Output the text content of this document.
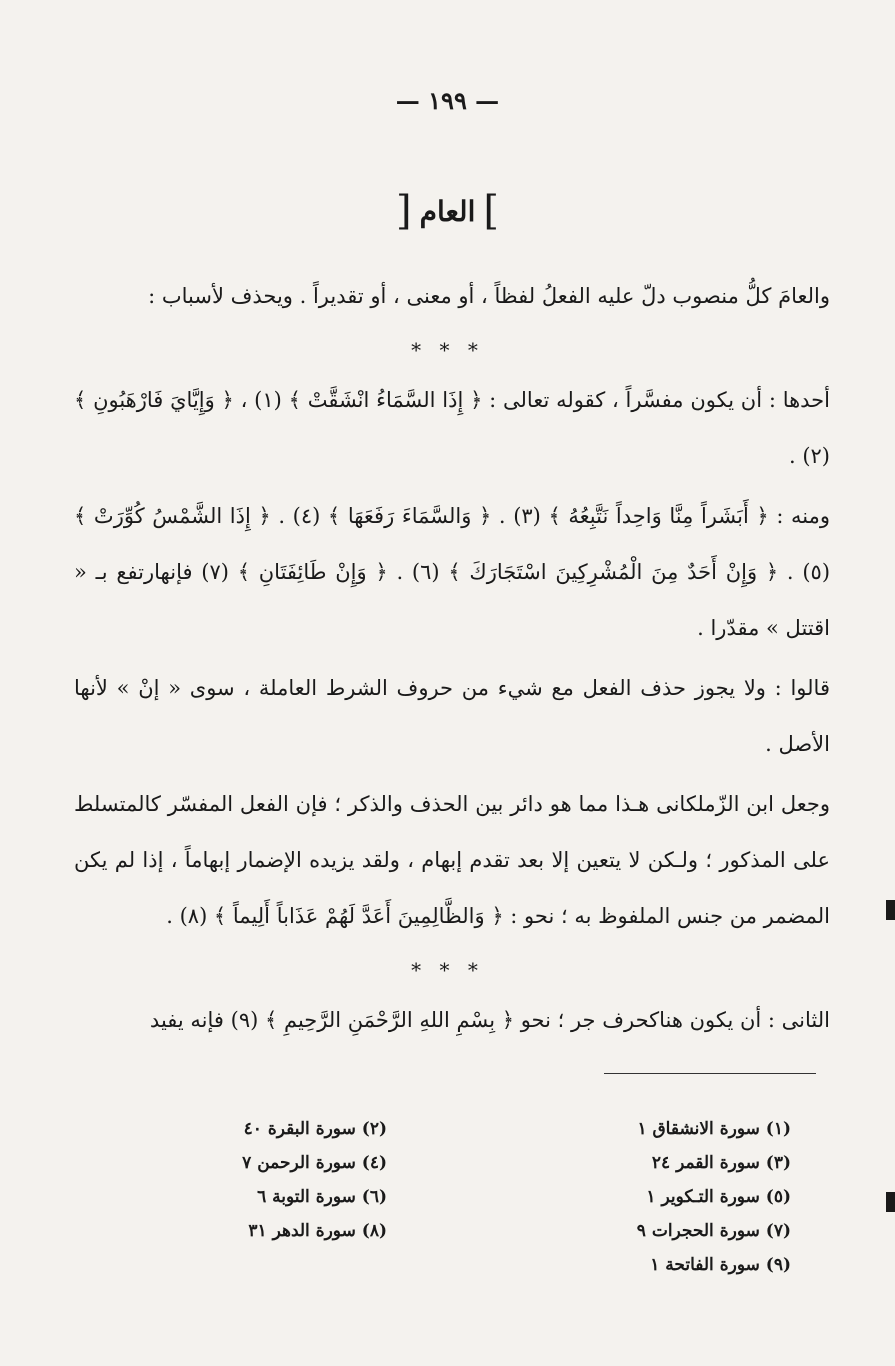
— ١٩٩ —
] العام [

والعامَ كلُّ منصوب دلّ عليه الفعلُ لفظاً ، أو معنى ، أو تقديراً . ويحذف لأسباب :

* * *

أحدها : أن يكون مفسَّراً ، كقوله تعالى : ﴿ إِذَا السَّمَاءُ انْشَقَّتْ ﴾ (١) ، ﴿ وَإِيَّايَ فَارْهَبُونِ ﴾ (٢) .

ومنه : ﴿ أَبَشَراً مِنَّا وَاحِداً نَتَّبِعُهُ ﴾ (٣) . ﴿ وَالسَّمَاءَ رَفَعَهَا ﴾ (٤) . ﴿ إِذَا الشَّمْسُ كُوِّرَتْ ﴾ (٥) . ﴿ وَإِنْ أَحَدٌ مِنَ الْمُشْرِكِينَ اسْتَجَارَكَ ﴾ (٦) . ﴿ وَإِنْ طَائِفَتَانِ ﴾ (٧) فإنهارتفع بـ « اقتتل » مقدّرا .

قالوا : ولا يجوز حذف الفعل مع شيء من حروف الشرط العاملة ، سوى « إنْ » لأنها الأصل .

وجعل ابن الزّملكانى هـذا مما هو دائر بين الحذف والذكر ؛ فإن الفعل المفسّر كالمتسلط على المذكور ؛ ولـكن لا يتعين إلا بعد تقدم إبهام ، ولقد يزيده الإضمار إبهاماً ، إذا لم يكن المضمر من جنس الملفوظ به ؛ نحو : ﴿ وَالظَّالِمِينَ أَعَدَّ لَهُمْ عَذَاباً أَلِيماً ﴾ (٨) .

* * *

الثانى : أن يكون هناكحرف جر ؛ نحو ﴿ بِسْمِ اللهِ الرَّحْمَنِ الرَّحِيمِ ﴾ (٩) فإنه يفيد

(١) سورة الانشقاق ١
(٣) سورة القمر ٢٤
(٥) سورة التـكوير ١
(٧) سورة الحجرات ٩
(٩) سورة الفاتحة ١
(٢) سورة البقرة ٤٠
(٤) سورة الرحمن ٧
(٦) سورة التوبة ٦
(٨) سورة الدهر ٣١
